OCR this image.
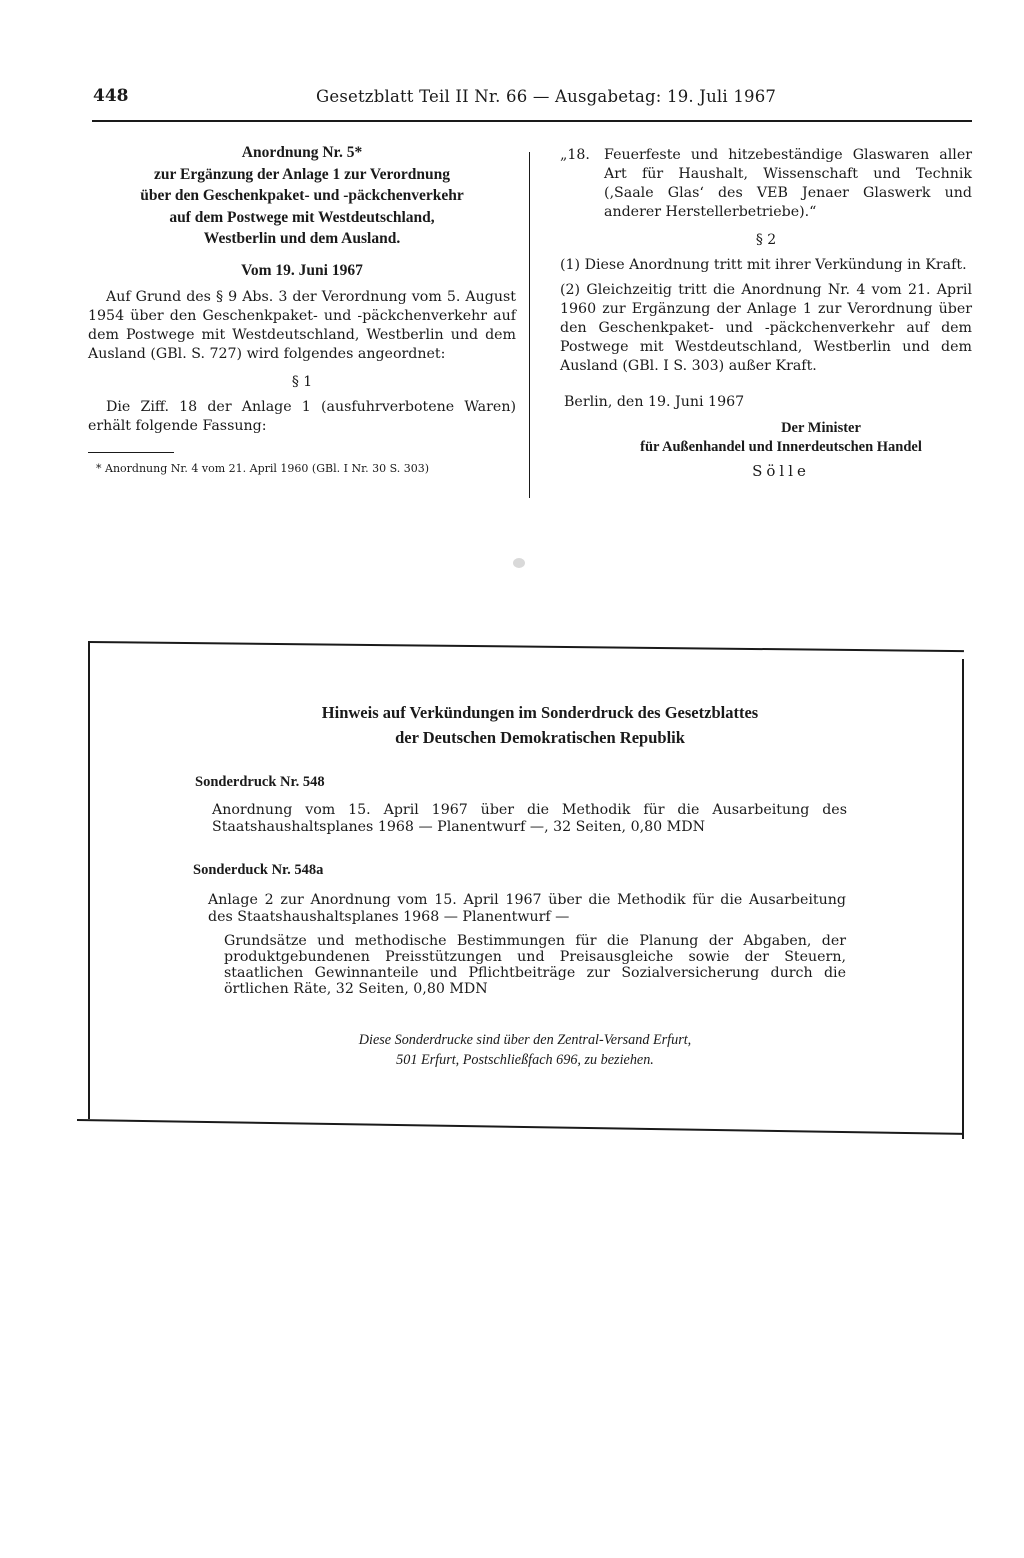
448	Gesetzblatt Teil II Nr. 66 — Ausgabetag: 19. Juli 1967

Anordnung Nr. 5*

zur Ergänzung der Anlage 1 zur Verordnung

über den Geschenkpaket- und -päckchenverkehr

auf dem Postwege mit Westdeutschland,

Westberlin und dem Ausland.

Vom 19. Juni 1967

Auf Grund des § 9 Abs. 3 der Verordnung vom 5. August 1954 über den Geschenkpaket- und -päckchenverkehr auf dem Postwege mit Westdeutschland, Westberlin und dem Ausland (GBl. S. 727) wird folgendes angeordnet:

§ 1

Die Ziff. 18 der Anlage 1 (ausfuhrverbotene Waren) erhält folgende Fassung:

* Anordnung Nr. 4 vom 21. April 1960 (GBl. I Nr. 30 S. 303)

„18. Feuerfeste und hitzebeständige Glaswaren aller Art für Haushalt, Wissenschaft und Technik (‚Saale Glas‘ des VEB Jenaer Glaswerk und anderer Herstellerbetriebe).“

§ 2

(1) Diese Anordnung tritt mit ihrer Verkündung in Kraft.

(2) Gleichzeitig tritt die Anordnung Nr. 4 vom 21. April 1960 zur Ergänzung der Anlage 1 zur Verordnung über den Geschenkpaket- und -päckchenverkehr auf dem Postwege mit Westdeutschland, Westberlin und dem Ausland (GBl. I S. 303) außer Kraft.

Berlin, den 19. Juni 1967

Der Minister

für Außenhandel und Innerdeutschen Handel

Sölle

Hinweis auf Verkündungen im Sonderdruck des Gesetzblattes
der Deutschen Demokratischen Republik
Sonderdruck Nr. 548
Anordnung vom 15. April 1967 über die Methodik für die Ausarbeitung des Staatshaushaltsplanes 1968 — Planentwurf —, 32 Seiten, 0,80 MDN
Sonderduck Nr. 548a
Anlage 2 zur Anordnung vom 15. April 1967 über die Methodik für die Ausarbeitung des Staatshaushaltsplanes 1968 — Planentwurf —
Grundsätze und methodische Bestimmungen für die Planung der Abgaben, der produktgebundenen Preisstützungen und Preisausgleiche sowie der Steuern, staatlichen Gewinnanteile und Pflichtbeiträge zur Sozialversicherung durch die örtlichen Räte, 32 Seiten, 0,80 MDN
Diese Sonderdrucke sind über den Zentral-Versand Erfurt,
501 Erfurt, Postschließfach 696, zu beziehen.
